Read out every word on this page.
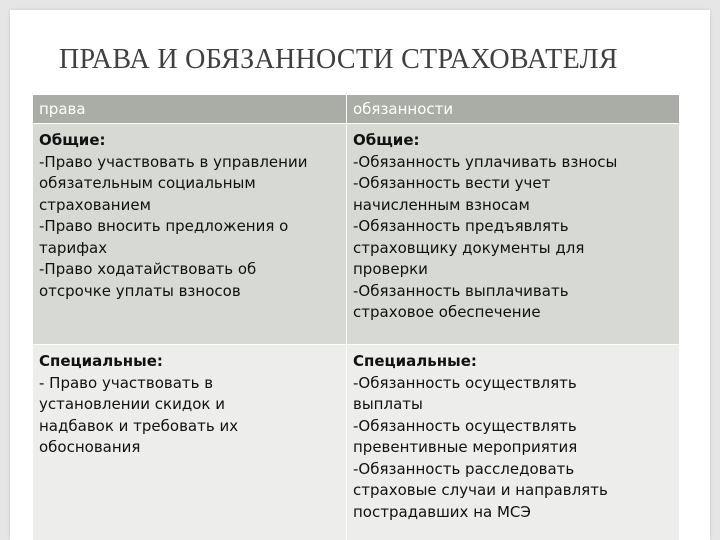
ПРАВА И ОБЯЗАННОСТИ СТРАХОВАТЕЛЯ
права	обязанности
Общие:
-Право участвовать в управлении
обязательным социальным
страхованием
-Право вносить предложения о
тарифах
-Право ходатайствовать об
отсрочке уплаты взносов
Общие:
-Обязанность уплачивать взносы
-Обязанность вести учет
начисленным взносам
-Обязанность предъявлять
страховщику документы для
проверки
-Обязанность выплачивать
страховое обеспечение
Специальные:
- Право участвовать в
установлении скидок и
надбавок и требовать их
обоснования
Специальные:
-Обязанность осуществлять
выплаты
-Обязанность осуществлять
превентивные мероприятия
-Обязанность расследовать
страховые случаи и направлять
пострадавших на МСЭ
